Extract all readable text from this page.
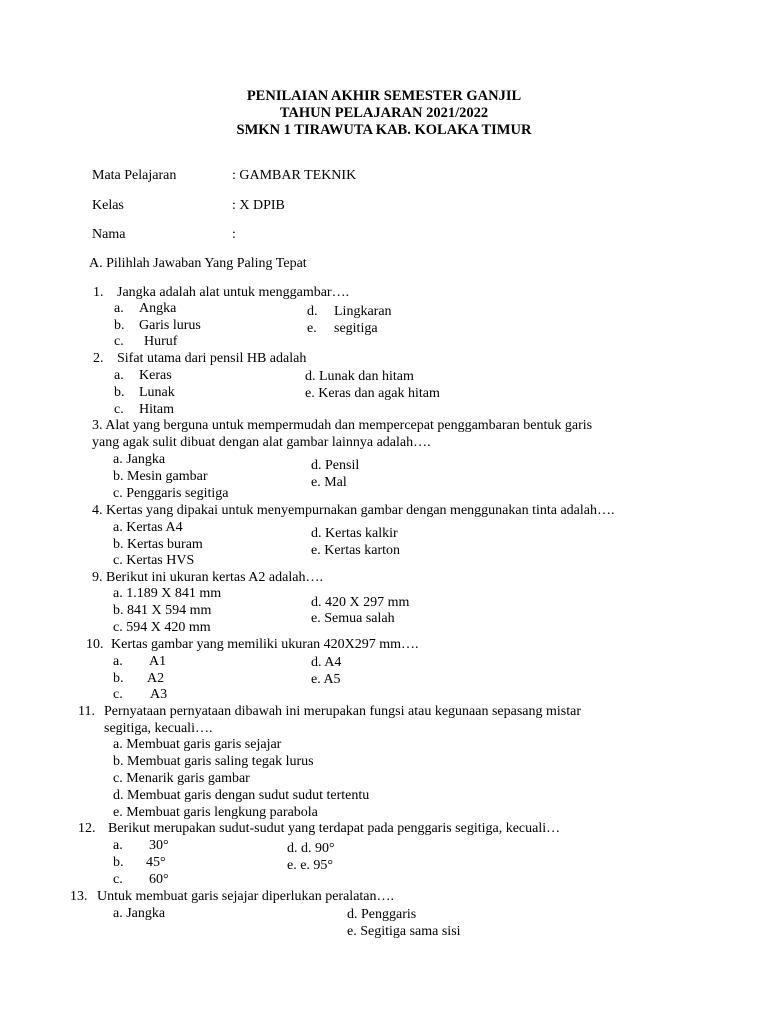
PENILAIAN AKHIR SEMESTER GANJIL
TAHUN PELAJARAN 2021/2022
SMKN 1 TIRAWUTA KAB. KOLAKA TIMUR
Mata Pelajaran	: GAMBAR TEKNIK
Kelas	: X DPIB
Nama	:
A. Pilihlah Jawaban Yang Paling Tepat
1. Jangka adalah alat untuk menggambar….
a. Angka
b. Garis lurus
c. Huruf
d. Lingkaran
e. segitiga
2. Sifat utama dari pensil HB adalah
a. Keras
b. Lunak
c. Hitam
d. Lunak dan hitam
e. Keras dan agak hitam
3. Alat yang berguna untuk mempermudah dan mempercepat penggambaran bentuk garis
yang agak sulit dibuat dengan alat gambar lainnya adalah….
a. Jangka
b. Mesin gambar
c. Penggaris segitiga
d. Pensil
e. Mal
4. Kertas yang dipakai untuk menyempurnakan gambar dengan menggunakan tinta adalah….
a. Kertas A4
b. Kertas buram
c. Kertas HVS
d. Kertas kalkir
e. Kertas karton
9. Berikut ini ukuran kertas A2 adalah….
a. 1.189 X 841 mm
b. 841 X 594 mm
c. 594 X 420 mm
d. 420 X 297 mm
e. Semua salah
10. Kertas gambar yang memiliki ukuran 420X297 mm….
a. A1
b. A2
c. A3
d. A4
e. A5
11. Pernyataan pernyataan dibawah ini merupakan fungsi atau kegunaan sepasang mistar
segitiga, kecuali….
a. Membuat garis garis sejajar
b. Membuat garis saling tegak lurus
c. Menarik garis gambar
d. Membuat garis dengan sudut sudut tertentu
e. Membuat garis lengkung parabola
12. Berikut merupakan sudut-sudut yang terdapat pada penggaris segitiga, kecuali…
a. 30°
b. 45°
c. 60°
d. d. 90°
e. e. 95°
13. Untuk membuat garis sejajar diperlukan peralatan….
a. Jangka	d. Penggaris
e. Segitiga sama sisi
